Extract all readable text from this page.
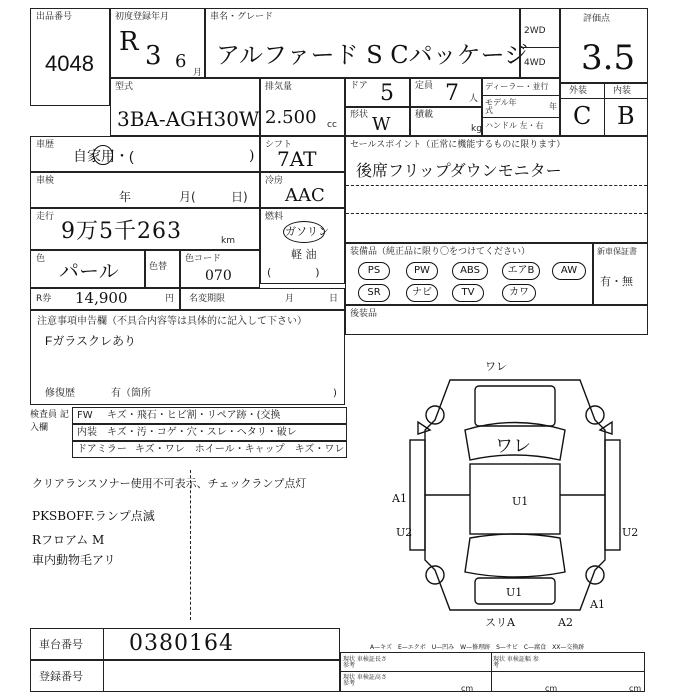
出品番号
4048
初度登録年月
R 3 6
月
車名・グレード
アルファード S Cパッケージ
2WD
4WD
評価点
3.5
型式
3BA-AGH30W
排気量
2.500 cc
ドア 5 定員 7 人
形状 W	積載
kg
ディーラー・並行
モデル年式	年
ハンドル 左・右
外装	内装
C B
車歴
自家用・(	)
シフト
7AT
セールスポイント（正常に機能するものに限ります）
後席フリップダウンモニター
車検
年	月(	日)
冷房
AAC
走行
9万5千263	km
燃料
ガソリン
軽 油
(　　　　)
装備品（純正品に限り〇をつけてください）
PS	PW	ABS	エアB	AW
SR	ナビ	TV	カワ
新車保証書
有・無
色 パール	色替
色コード
070
R券 14,900	円 名変期限	月	日
後装品
注意事項申告欄（不具合内容等は具体的に記入して下さい）
Fガラスクレあり
修復歴	有（箇所	)
検査員 記入欄
FW キズ・飛石・ヒビ割・リペア跡・(交換
内装 キズ・汚・コゲ・穴・スレ・ヘタリ・破レ
ドアミラー キズ・ワレ　ホイール・キャップ　キズ・ワレ
クリアランスソナー使用不可表示、チェックランプ点灯
PKSBOFF.ランプ点滅
Rフロアム M
車内動物毛アリ
ワレ
ワレ
U1
A1
U2	U2
U1
A1
スリA	A2
車台番号 0380164
登録番号
A—キズ　E—エクボ　U—凹み　W—修理跡　S—サビ　C—腐食　XX—交換跡
現状 車検証長さ 参考
現状 車検証幅 参考
現状 車検証高さ 参考
cm	cm	cm
